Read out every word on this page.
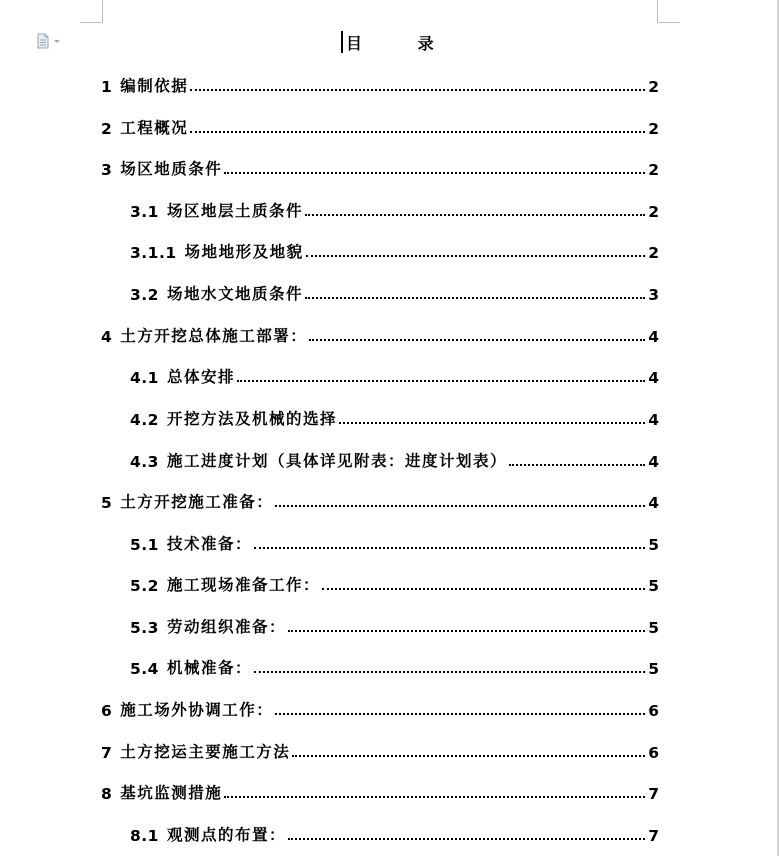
目 录
1 编制依据	2
2 工程概况	2
3 场区地质条件	2
3.1 场区地层土质条件	2
3.1.1 场地地形及地貌	2
3.2 场地水文地质条件	3
4 土方开挖总体施工部署：	4
4.1 总体安排	4
4.2 开挖方法及机械的选择	4
4.3 施工进度计划（具体详见附表：进度计划表）	4
5 土方开挖施工准备：	4
5.1 技术准备：	5
5.2 施工现场准备工作：	5
5.3 劳动组织准备：	5
5.4 机械准备：	5
6 施工场外协调工作：	6
7 土方挖运主要施工方法	6
8 基坑监测措施	7
8.1 观测点的布置：	7
